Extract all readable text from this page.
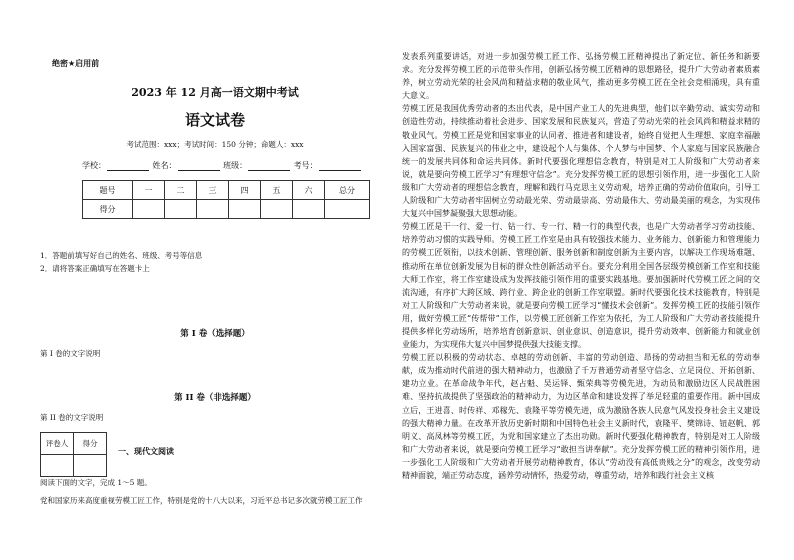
绝密★启用前
2023 年 12 月高一语文期中考试
语文试卷
考试范围：xxx；考试时间：150 分钟；命题人：xxx
学校：	姓名：	班级：	考号：
题号	一	二	三	四	五	六	总分
得分							
1．答题前填写好自己的姓名、班级、考号等信息
2．请将答案正确填写在答题卡上
第 I 卷（选择题）
第 I 卷的文字说明
第 II 卷（非选择题）
第 II 卷的文字说明
评卷人	得分

一、现代文阅读
阅读下面的文字，完成 1～5 题。
党和国家历来高度重视劳模工匠工作，特别是党的十八大以来，习近平总书记多次就劳模工匠工作

发表系列重要讲话，对进一步加强劳模工匠工作、弘扬劳模工匠精神提出了新定位、新任务和新要求。充分发挥劳模工匠的示范带头作用，创新弘扬劳模工匠精神的思想路径，提升广大劳动者素质素养，树立劳动光荣的社会风尚和精益求精的敬业风气，推动更多劳模工匠在全社会竞相涌现，具有重大意义。

劳模工匠是我国优秀劳动者的杰出代表，是中国产业工人的先进典型，他们以辛勤劳动、诚实劳动和创造性劳动，持续推动着社会进步、国家发展和民族复兴，营造了劳动光荣的社会风尚和精益求精的敬业风气。劳模工匠是党和国家事业的认同者、推进者和建设者，始终自觉把人生理想、家庭幸福融入国家富强、民族复兴的伟业之中，建设起个人与集体、个人梦与中国梦、个人家庭与国家民族融合统一的发展共同体和命运共同体。新时代要强化理想信念教育，特别是对工人阶级和广大劳动者来说，就是要向劳模工匠学习“有理想守信念”。充分发挥劳模工匠的思想引领作用，进一步强化工人阶级和广大劳动者的理想信念教育，理解和践行马克思主义劳动观，培养正确的劳动价值取向，引导工人阶级和广大劳动者牢固树立劳动最光荣、劳动最崇高、劳动最伟大、劳动最美丽的观念，为实现伟大复兴中国梦凝聚强大思想动能。

劳模工匠是干一行、爱一行、钻一行、专一行、精一行的典型代表，也是广大劳动者学习劳动技能、培养劳动习惯的实践导师。劳模工匠工作室是由具有较强技术能力、业务能力、创新能力和管理能力的劳模工匠领衔，以技术创新、管理创新、服务创新和制度创新为主要内容，以解决工作现场难题、推动所在单位创新发展为目标的群众性创新活动平台。要充分利用全国各层级劳模创新工作室和技能大师工作室，将工作室建设成为发挥技能引领作用的重要实践基地。要加强新时代劳模工匠之间的交流沟通，有序扩大跨区域、跨行业、跨企业的创新工作室联盟。新时代要强化技术技能教育，特别是对工人阶级和广大劳动者来说，就是要向劳模工匠学习“懂技术会创新”。发挥劳模工匠的技能引领作用，做好劳模工匠“传帮带”工作，以劳模工匠创新工作室为依托，为工人阶级和广大劳动者技能提升提供多样化劳动场所，培养培育创新意识、创业意识、创造意识，提升劳动效率、创新能力和就业创业能力，为实现伟大复兴中国梦提供强大技能支撑。

劳模工匠以积极的劳动状态、卓越的劳动创新、丰富的劳动创造、昂扬的劳动担当和无私的劳动奉献，成为推动时代前进的强大精神动力，也激励了千万普通劳动者坚守信念、立足岗位、开拓创新、建功立业。在革命战争年代，赵占魁、吴运铎、甄荣典等劳模先进，为动员和激励边区人民战胜困难、坚持抗战提供了坚强政治的精神动力，为边区革命和建设发挥了举足轻重的重要作用。新中国成立后，王进喜、时传祥、邓稼先、袁隆平等劳模先进，成为激励各族人民意气风发投身社会主义建设的强大精神力量。在改革开放历史新时期和中国特色社会主义新时代，袁隆平、樊锦诗、钮赵帆、郭明义、高凤林等劳模工匠，为党和国家建立了杰出功勋。新时代要强化精神教育，特别是对工人阶级和广大劳动者来说，就是要向劳模工匠学习“敢担当讲奉献”。充分发挥劳模工匠的精神引领作用，进一步强化工人阶级和广大劳动者开展劳动精神教育，体认“劳动没有高低贵贱之分”的观念，改变劳动精神面貌，端正劳动态度，涵养劳动情怀，热爱劳动，尊重劳动，培养和践行社会主义核
